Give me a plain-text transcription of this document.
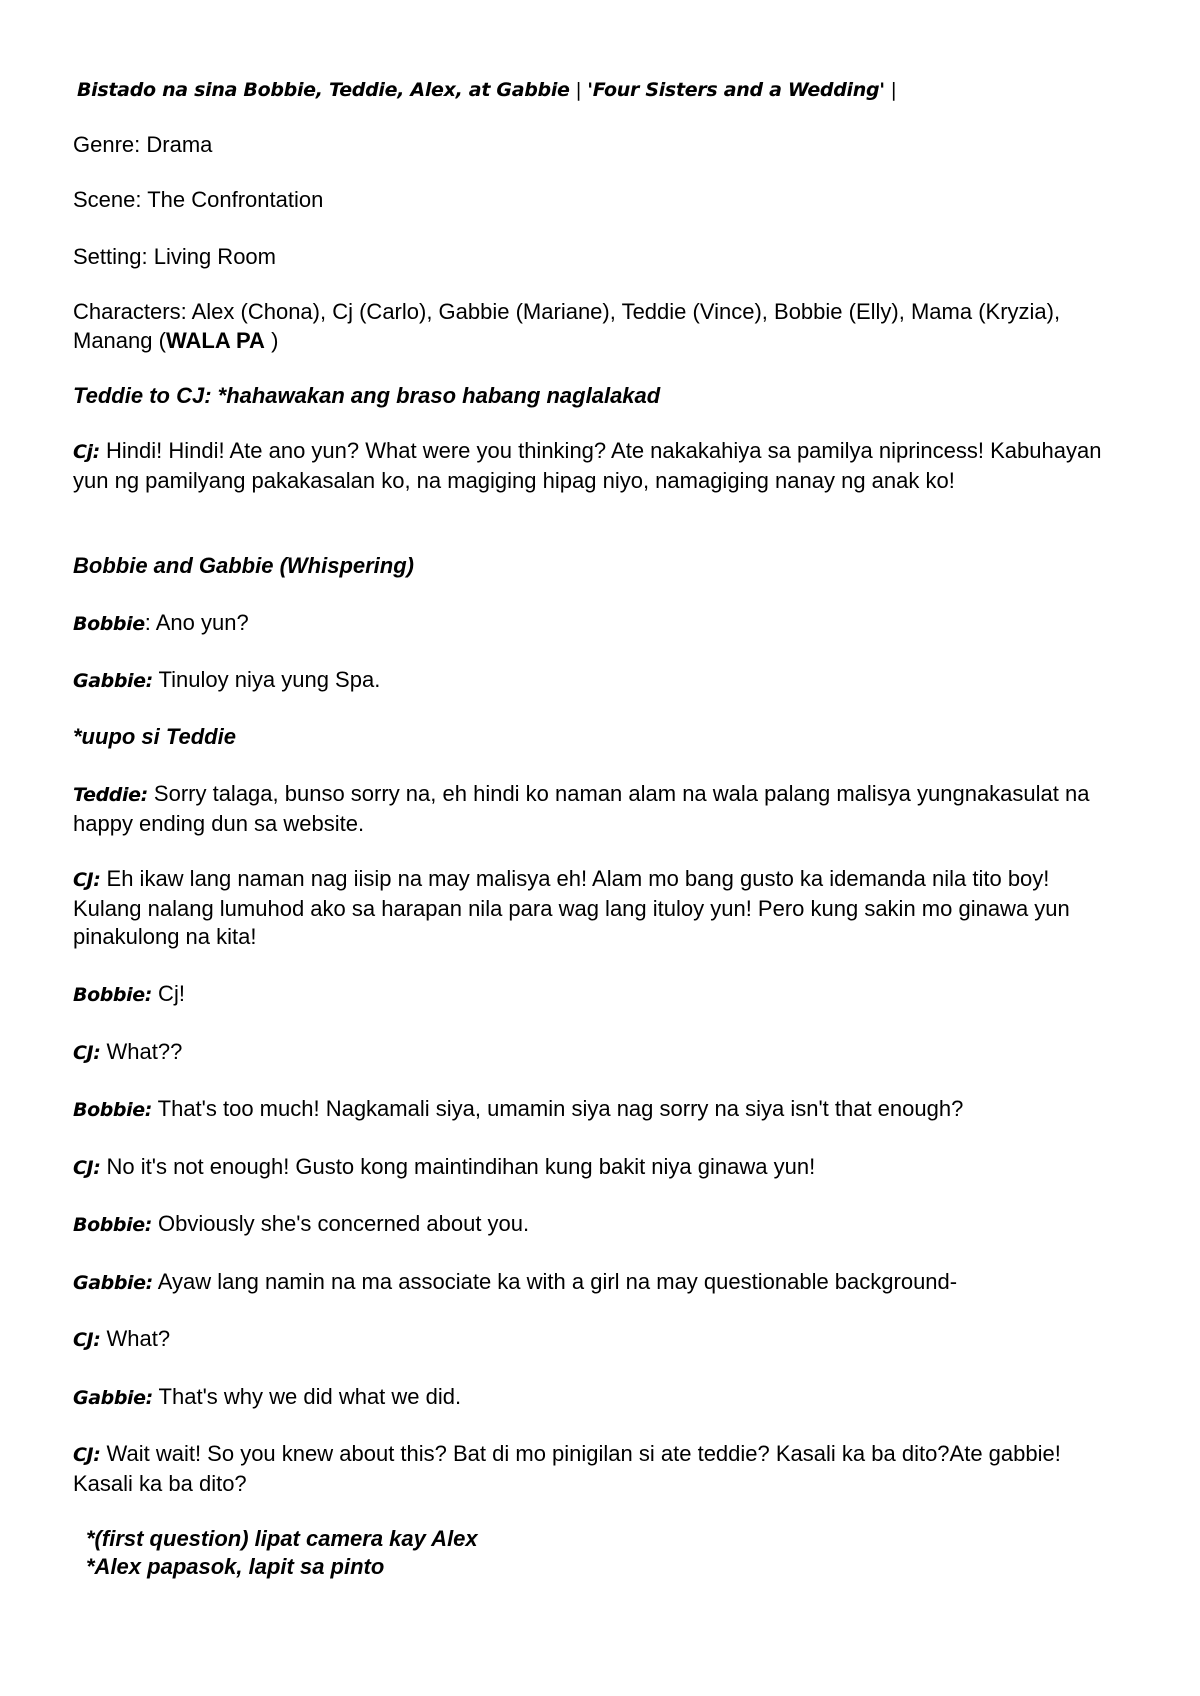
Bistado na sina Bobbie, Teddie, Alex, at Gabbie | 'Four Sisters and a Wedding' |

Genre: Drama

Scene: The Confrontation

Setting: Living Room

Characters: Alex (Chona), Cj (Carlo), Gabbie (Mariane), Teddie (Vince), Bobbie (Elly), Mama (Kryzia), Manang (WALA PA )

Teddie to CJ: *hahawakan ang braso habang naglalakad

Cj: Hindi! Hindi! Ate ano yun? What were you thinking? Ate nakakahiya sa pamilya niprincess! Kabuhayan yun ng pamilyang pakakasalan ko, na magiging hipag niyo, namagiging nanay ng anak ko!

Bobbie and Gabbie (Whispering)

Bobbie: Ano yun?

Gabbie: Tinuloy niya yung Spa.

*uupo si Teddie

Teddie: Sorry talaga, bunso sorry na, eh hindi ko naman alam na wala palang malisya yungnakasulat na happy ending dun sa website.

CJ: Eh ikaw lang naman nag iisip na may malisya eh! Alam mo bang gusto ka idemanda nila tito boy! Kulang nalang lumuhod ako sa harapan nila para wag lang ituloy yun! Pero kung sakin mo ginawa yun pinakulong na kita!

Bobbie: Cj!

CJ: What??

Bobbie: That's too much! Nagkamali siya, umamin siya nag sorry na siya isn't that enough?

CJ: No it's not enough! Gusto kong maintindihan kung bakit niya ginawa yun!

Bobbie: Obviously she's concerned about you.

Gabbie: Ayaw lang namin na ma associate ka with a girl na may questionable background-

CJ: What?

Gabbie: That's why we did what we did.

CJ: Wait wait! So you knew about this? Bat di mo pinigilan si ate teddie? Kasali ka ba dito?Ate gabbie! Kasali ka ba dito?

*(first question) lipat camera kay Alex

*Alex papasok, lapit sa pinto
